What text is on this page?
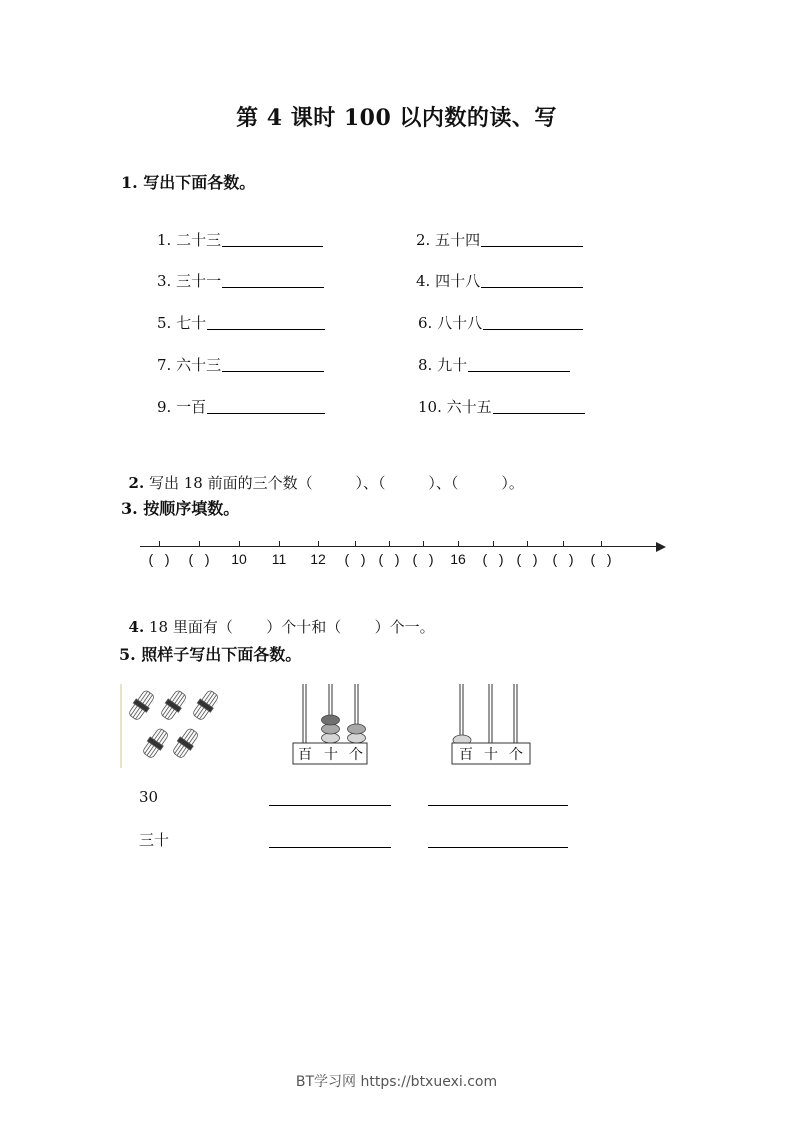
第 4 课时 100 以内数的读、写
1. 写出下面各数。
1. 二十三	2. 五十四
3. 三十一	4. 四十八
5. 七十	6. 八十八
7. 六十三	8. 九十
9. 一百	10. 六十五

2. 写出 18 前面的三个数（         ）、（         ）、（         ）。

3. 按顺序填数。
(   ) (   ) 10 11 12 (   ) (   ) (   ) 16 (   ) (   ) (   ) (   )

4. 18 里面有（       ）个十和（       ）个一。

5. 照样子写出下面各数。
百 十 个	百 十 个
30
三十
BT学习网 https://btxuexi.com
